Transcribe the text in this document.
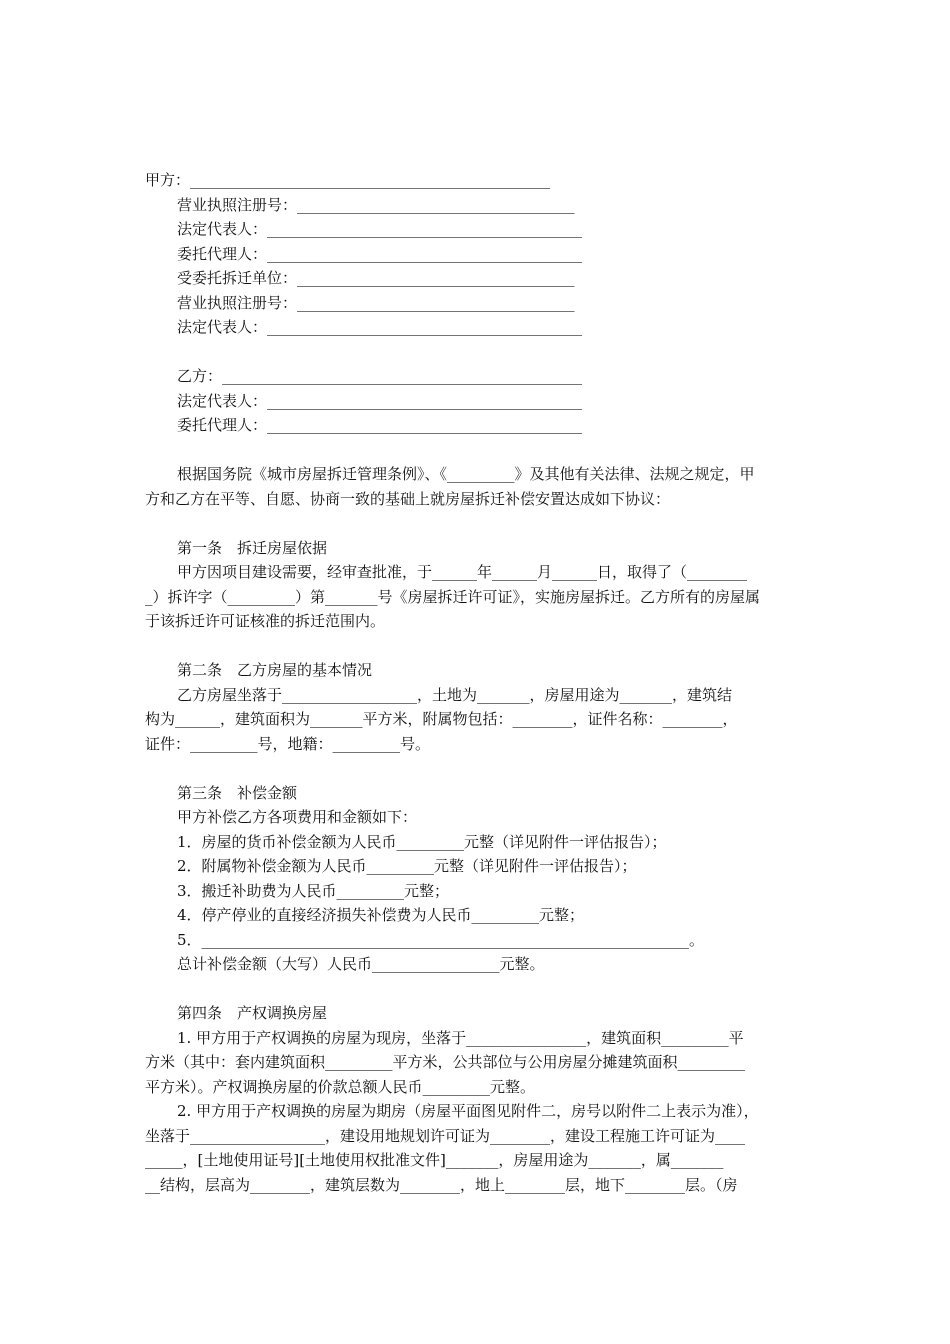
甲方：________________________________________________
营业执照注册号：_____________________________________
法定代表人：__________________________________________
委托代理人：__________________________________________
受委托拆迁单位：_____________________________________
营业执照注册号：_____________________________________
法定代表人：__________________________________________
乙方：________________________________________________
法定代表人：__________________________________________
委托代理人：__________________________________________
根据国务院《城市房屋拆迁管理条例》、《_________》及其他有关法律、法规之规定，甲
方和乙方在平等、自愿、协商一致的基础上就房屋拆迁补偿安置达成如下协议：
第一条　拆迁房屋依据
甲方因项目建设需要，经审查批准，于______年______月______日，取得了（________
_）拆许字（_________）第_______号《房屋拆迁许可证》，实施房屋拆迁。乙方所有的房屋属
于该拆迁许可证核准的拆迁范围内。
第二条　乙方房屋的基本情况
乙方房屋坐落于__________________，土地为_______，房屋用途为_______，建筑结
构为______，建筑面积为_______平方米，附属物包括：________，证件名称：________，
证件：_________号，地籍：_________号。
第三条　补偿金额
甲方补偿乙方各项费用和金额如下：
1．房屋的货币补偿金额为人民币_________元整（详见附件一评估报告）；
2．附属物补偿金额为人民币_________元整（详见附件一评估报告）；
3．搬迁补助费为人民币_________元整；
4．停产停业的直接经济损失补偿费为人民币_________元整；
5．_________________________________________________________________。
总计补偿金额（大写）人民币_________________元整。
第四条　产权调换房屋
1. 甲方用于产权调换的房屋为现房，坐落于________________，建筑面积_________平
方米（其中：套内建筑面积_________平方米，公共部位与公用房屋分摊建筑面积_________
平方米）。产权调换房屋的价款总额人民币_________元整。
2. 甲方用于产权调换的房屋为期房（房屋平面图见附件二，房号以附件二上表示为准），
坐落于__________________，建设用地规划许可证为________，建设工程施工许可证为____
_____，[土地使用证号][土地使用权批准文件]_______，房屋用途为_______，属_______
__结构，层高为________，建筑层数为________，地上________层，地下________层。（房
